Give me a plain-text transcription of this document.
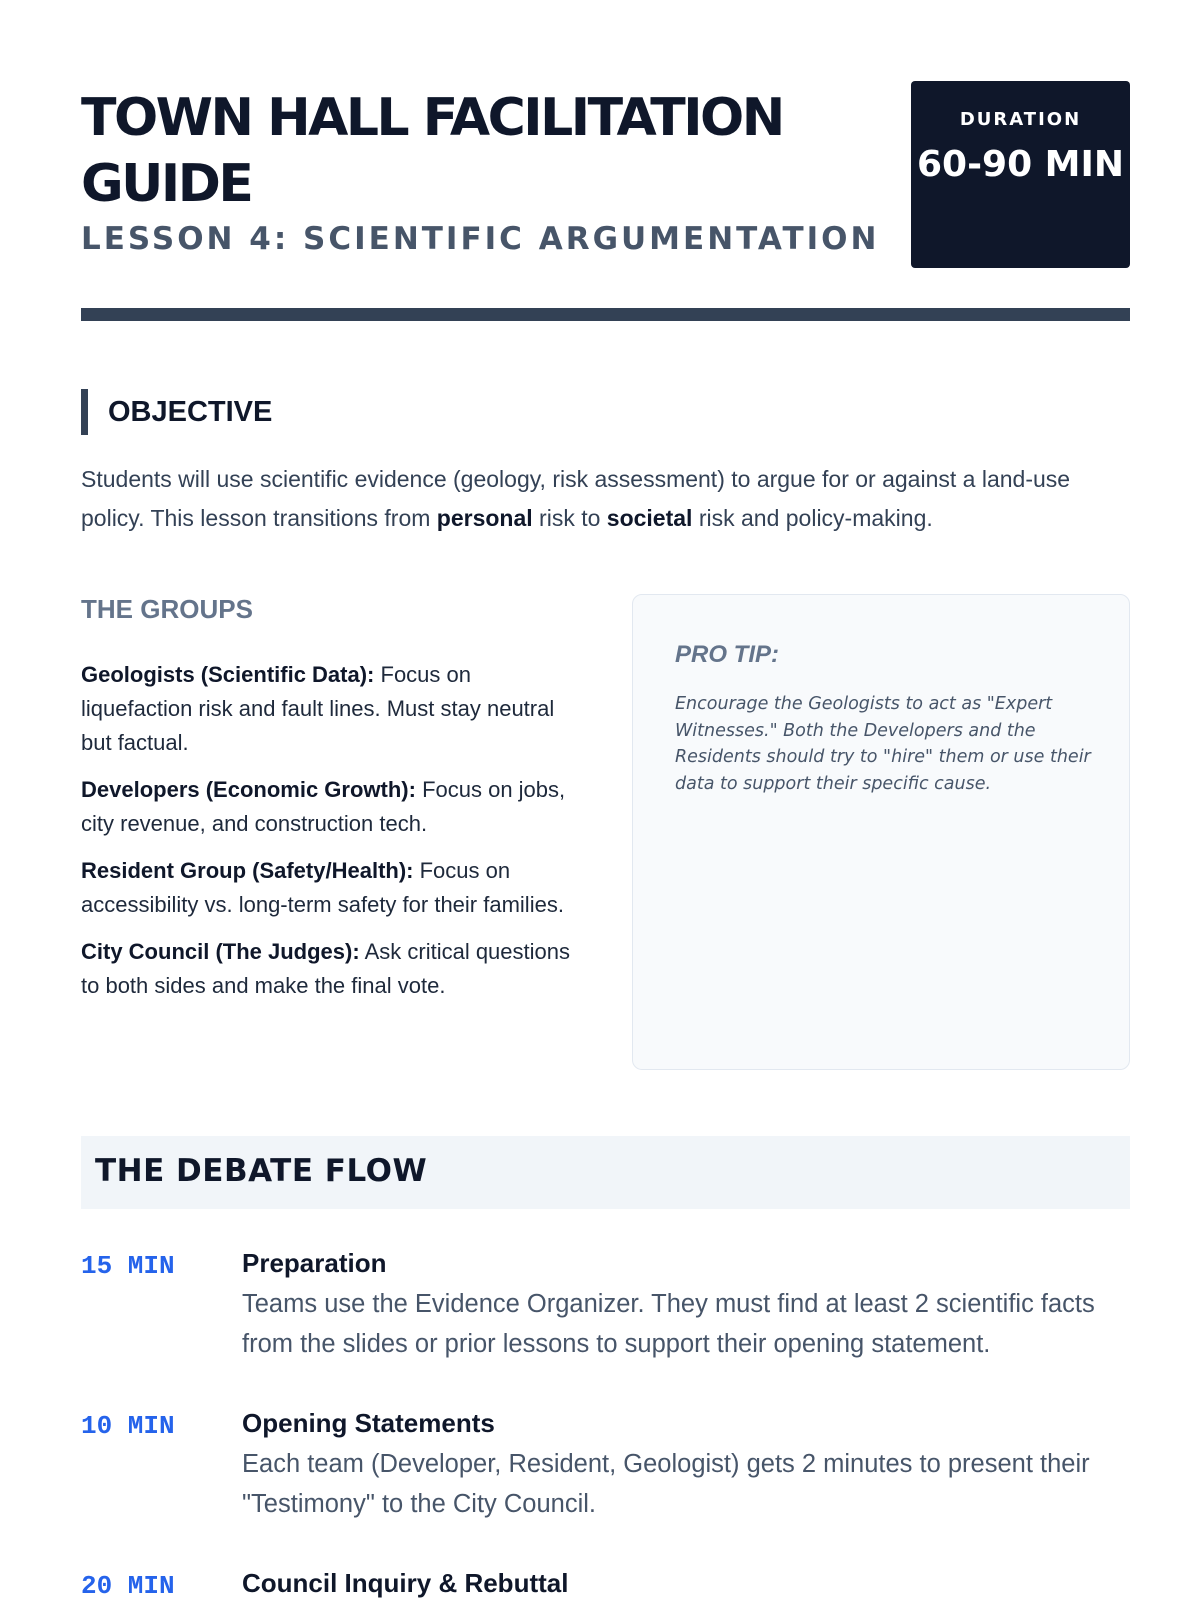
TOWN HALL FACILITATION GUIDE
LESSON 4: SCIENTIFIC ARGUMENTATION
DURATION
60-90 MIN
OBJECTIVE

Students will use scientific evidence (geology, risk assessment) to argue for or against a land-use policy. This lesson transitions from personal risk to societal risk and policy-making.

THE GROUPS
Geologists (Scientific Data): Focus on liquefaction risk and fault lines. Must stay neutral but factual.
Developers (Economic Growth): Focus on jobs, city revenue, and construction tech.
Resident Group (Safety/Health): Focus on accessibility vs. long-term safety for their families.
City Council (The Judges): Ask critical questions to both sides and make the final vote.
PRO TIP:

Encourage the Geologists to act as "Expert Witnesses." Both the Developers and the Residents should try to "hire" them or use their data to support their specific cause.

THE DEBATE FLOW
15 MIN	Preparation

Teams use the Evidence Organizer. They must find at least 2 scientific facts from the slides or prior lessons to support their opening statement.

10 MIN	Opening Statements

Each team (Developer, Resident, Geologist) gets 2 minutes to present their "Testimony" to the City Council.

20 MIN	Council Inquiry & Rebuttal
